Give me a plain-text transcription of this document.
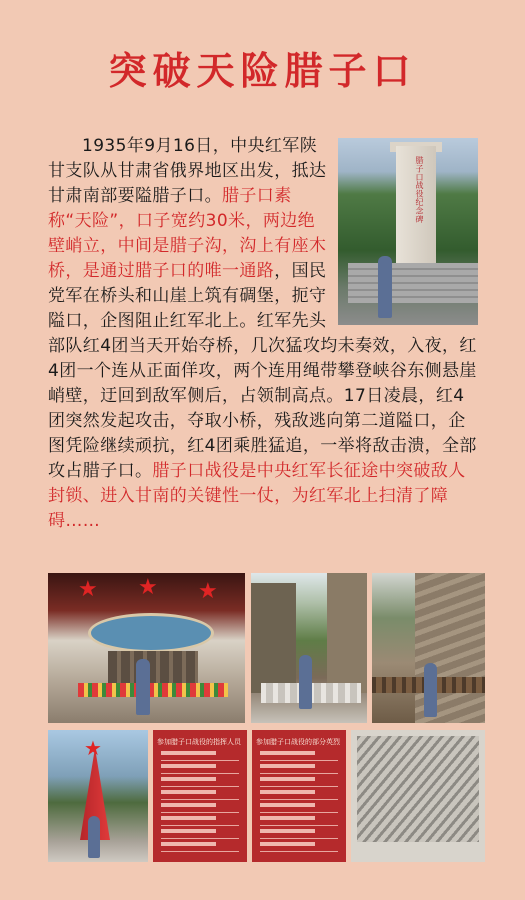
突破天险腊子口
腊子口战役纪念碑

1935年9月16日，中央红军陕甘支队从甘肃省俄界地区出发，抵达甘肃南部要隘腊子口。腊子口素称“天险”，口子宽约30米，两边绝壁峭立，中间是腊子沟，沟上有座木桥，是通过腊子口的唯一通路，国民党军在桥头和山崖上筑有碉堡，扼守隘口，企图阻止红军北上。红军先头部队红4团当天开始夺桥，几次猛攻均未奏效，入夜，红4团一个连从正面佯攻，两个连用绳带攀登峡谷东侧悬崖峭壁，迂回到敌军侧后，占领制高点。17日凌晨，红4团突然发起攻击，夺取小桥，残敌逃向第二道隘口，企图凭险继续顽抗，红4团乘胜猛追，一举将敌击溃，全部攻占腊子口。腊子口战役是中央红军长征途中突破敌人封锁、进入甘南的关键性一仗，为红军北上扫清了障碍……

★ ★ ★
★	参加腊子口战役的指挥人员 参加腊子口战役的部分英烈
